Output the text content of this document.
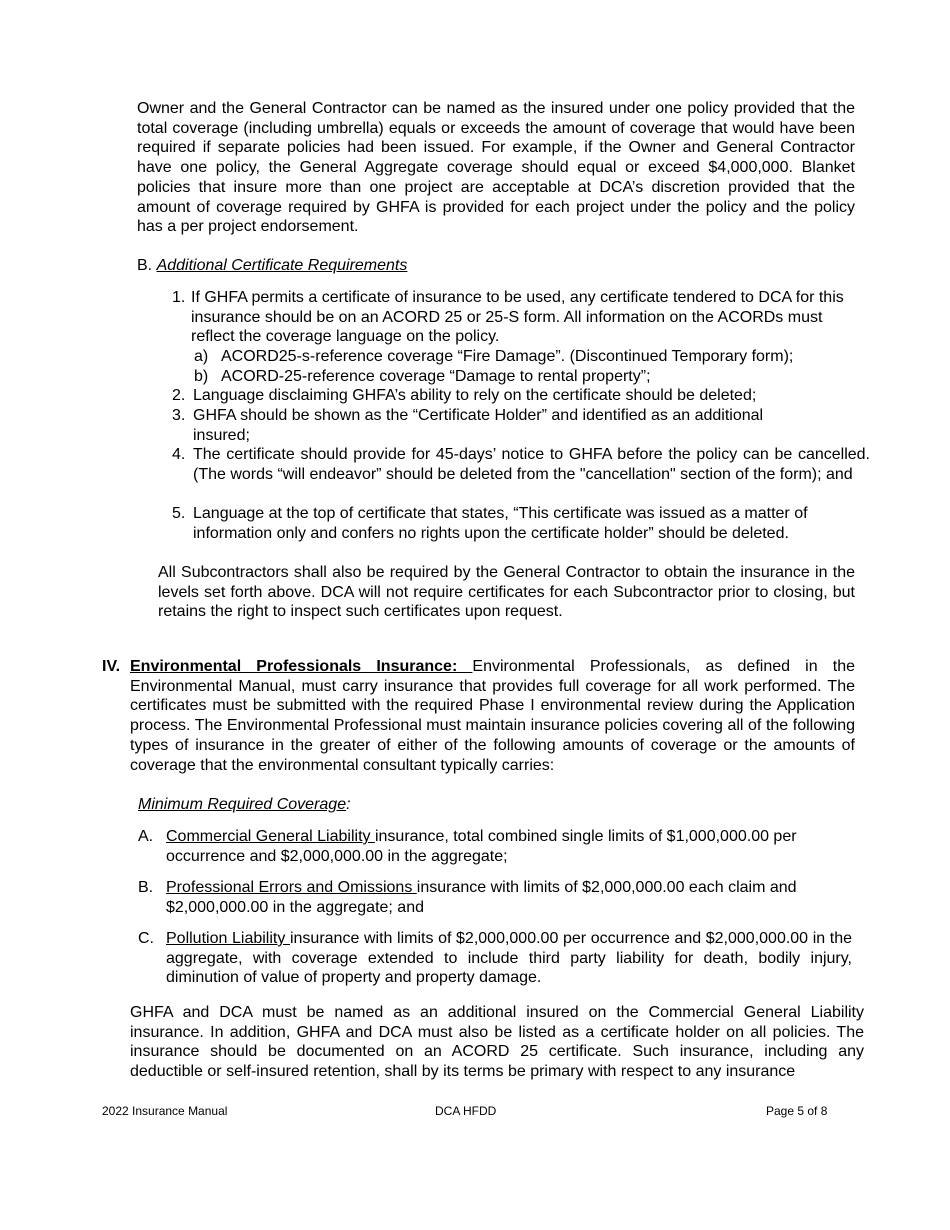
Owner and the General Contractor can be named as the insured under one policy provided that the total coverage (including umbrella) equals or exceeds the amount of coverage that would have been required if separate policies had been issued. For example, if the Owner and General Contractor have one policy, the General Aggregate coverage should equal or exceed $4,000,000. Blanket policies that insure more than one project are acceptable at DCA’s discretion provided that the amount of coverage required by GHFA is provided for each project under the policy and the policy has a per project endorsement.

B. Additional Certificate Requirements
1. If GHFA permits a certificate of insurance to be used, any certificate tendered to DCA for this insurance should be on an ACORD 25 or 25-S form. All information on the ACORDs must reflect the coverage language on the policy.
a) ACORD25-s-reference coverage “Fire Damage”. (Discontinued Temporary form);
b) ACORD-25-reference coverage “Damage to rental property”;
2. Language disclaiming GHFA’s ability to rely on the certificate should be deleted;
3. GHFA should be shown as the “Certificate Holder” and identified as an additional insured;
4. The certificate should provide for 45-days’ notice to GHFA before the policy can be cancelled. (The words “will endeavor” should be deleted from the "cancellation" section of the form); and
5. Language at the top of certificate that states, “This certificate was issued as a matter of information only and confers no rights upon the certificate holder” should be deleted.

All Subcontractors shall also be required by the General Contractor to obtain the insurance in the levels set forth above. DCA will not require certificates for each Subcontractor prior to closing, but retains the right to inspect such certificates upon request.

IV. Environmental Professionals Insurance: Environmental Professionals, as defined in the Environmental Manual, must carry insurance that provides full coverage for all work performed. The certificates must be submitted with the required Phase I environmental review during the Application process. The Environmental Professional must maintain insurance policies covering all of the following types of insurance in the greater of either of the following amounts of coverage or the amounts of coverage that the environmental consultant typically carries:

Minimum Required Coverage:
A. Commercial General Liability insurance, total combined single limits of $1,000,000.00 per occurrence and $2,000,000.00 in the aggregate;
B. Professional Errors and Omissions insurance with limits of $2,000,000.00 each claim and $2,000,000.00 in the aggregate; and
C. Pollution Liability insurance with limits of $2,000,000.00 per occurrence and $2,000,000.00 in the aggregate, with coverage extended to include third party liability for death, bodily injury, diminution of value of property and property damage.

GHFA and DCA must be named as an additional insured on the Commercial General Liability insurance. In addition, GHFA and DCA must also be listed as a certificate holder on all policies. The insurance should be documented on an ACORD 25 certificate. Such insurance, including any deductible or self-insured retention, shall by its terms be primary with respect to any insurance

2022 Insurance Manual	DCA HFDD	Page 5 of 8
